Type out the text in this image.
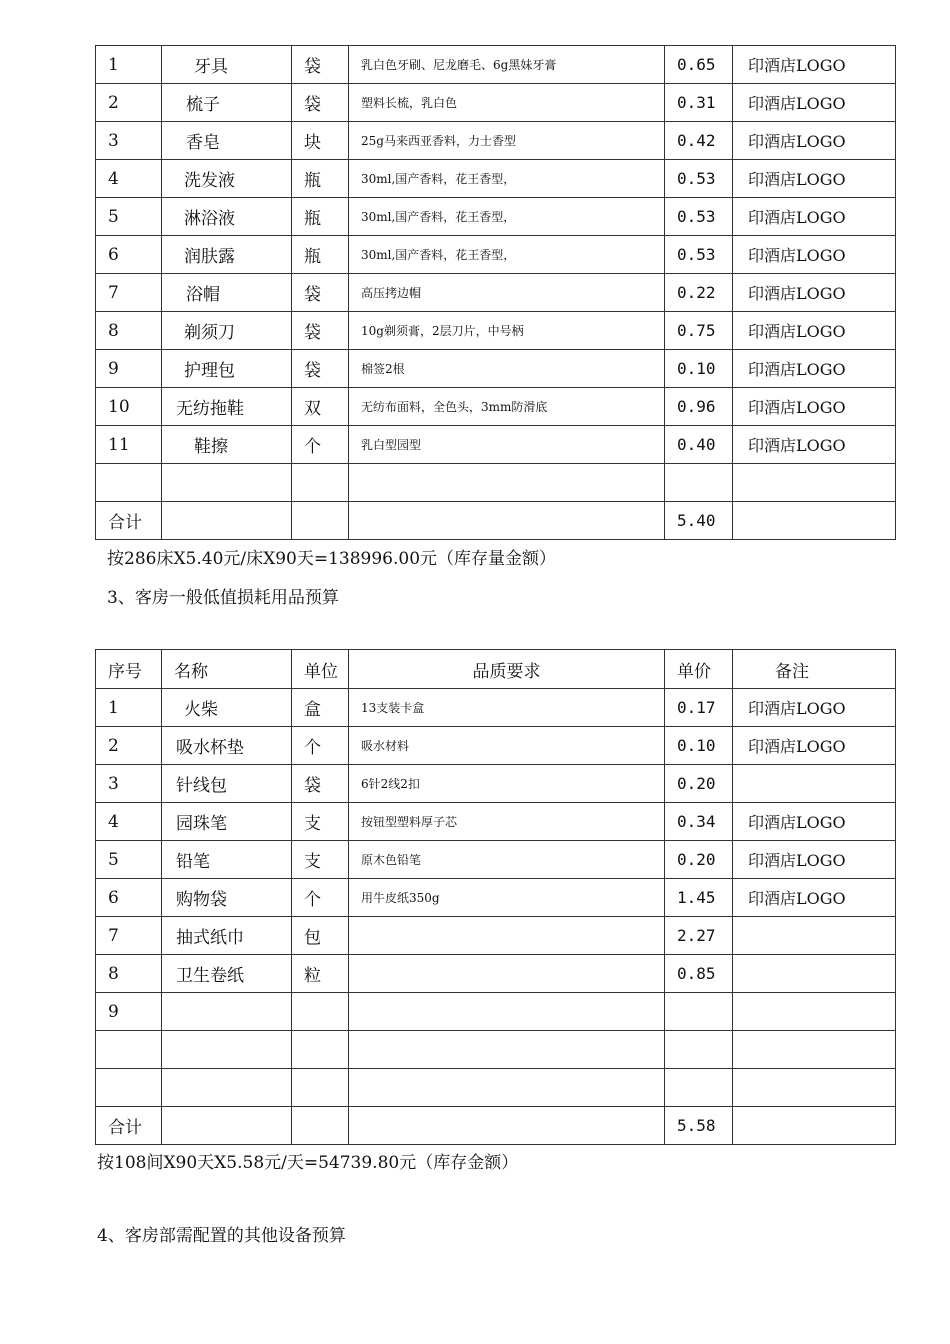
1	牙具	袋	乳白色牙刷、尼龙磨毛、6g黑妹牙膏	0.65	印酒店LOGO
2	梳子	袋	塑料长梳，乳白色	0.31	印酒店LOGO
3	香皂	块	25g马来西亚香料，力士香型	0.42	印酒店LOGO
4	洗发液	瓶	30ml,国产香料，花王香型，	0.53	印酒店LOGO
5	淋浴液	瓶	30ml,国产香料，花王香型，	0.53	印酒店LOGO
6	润肤露	瓶	30ml,国产香料，花王香型，	0.53	印酒店LOGO
7	浴帽	袋	高压拷边帽	0.22	印酒店LOGO
8	剃须刀	袋	10g剃须膏，2层刀片，中号柄	0.75	印酒店LOGO
9	护理包	袋	棉签2根	0.10	印酒店LOGO
10	无纺拖鞋	双	无纺布面料，全色头，3mm防滑底	0.96	印酒店LOGO
11	鞋擦	个	乳白型园型	0.40	印酒店LOGO

合计				5.40	
按286床X5.40元/床X90天=138996.00元（库存量金额）
3、客房一般低值损耗用品预算
序号	名称	单位	品质要求	单价	备注
1	火柴	盒	13支装卡盒	0.17	印酒店LOGO
2	吸水杯垫	个	吸水材料	0.10	印酒店LOGO
3	针线包	袋	6针2线2扣	0.20	
4	园珠笔	支	按钮型塑料厚子芯	0.34	印酒店LOGO
5	铅笔	支	原木色铅笔	0.20	印酒店LOGO
6	购物袋	个	用牛皮纸350g	1.45	印酒店LOGO
7	抽式纸巾	包		2.27	
8	卫生卷纸	粒		0.85	
9					

合计				5.58	
按108间X90天X5.58元/天=54739.80元（库存金额）
4、客房部需配置的其他设备预算
